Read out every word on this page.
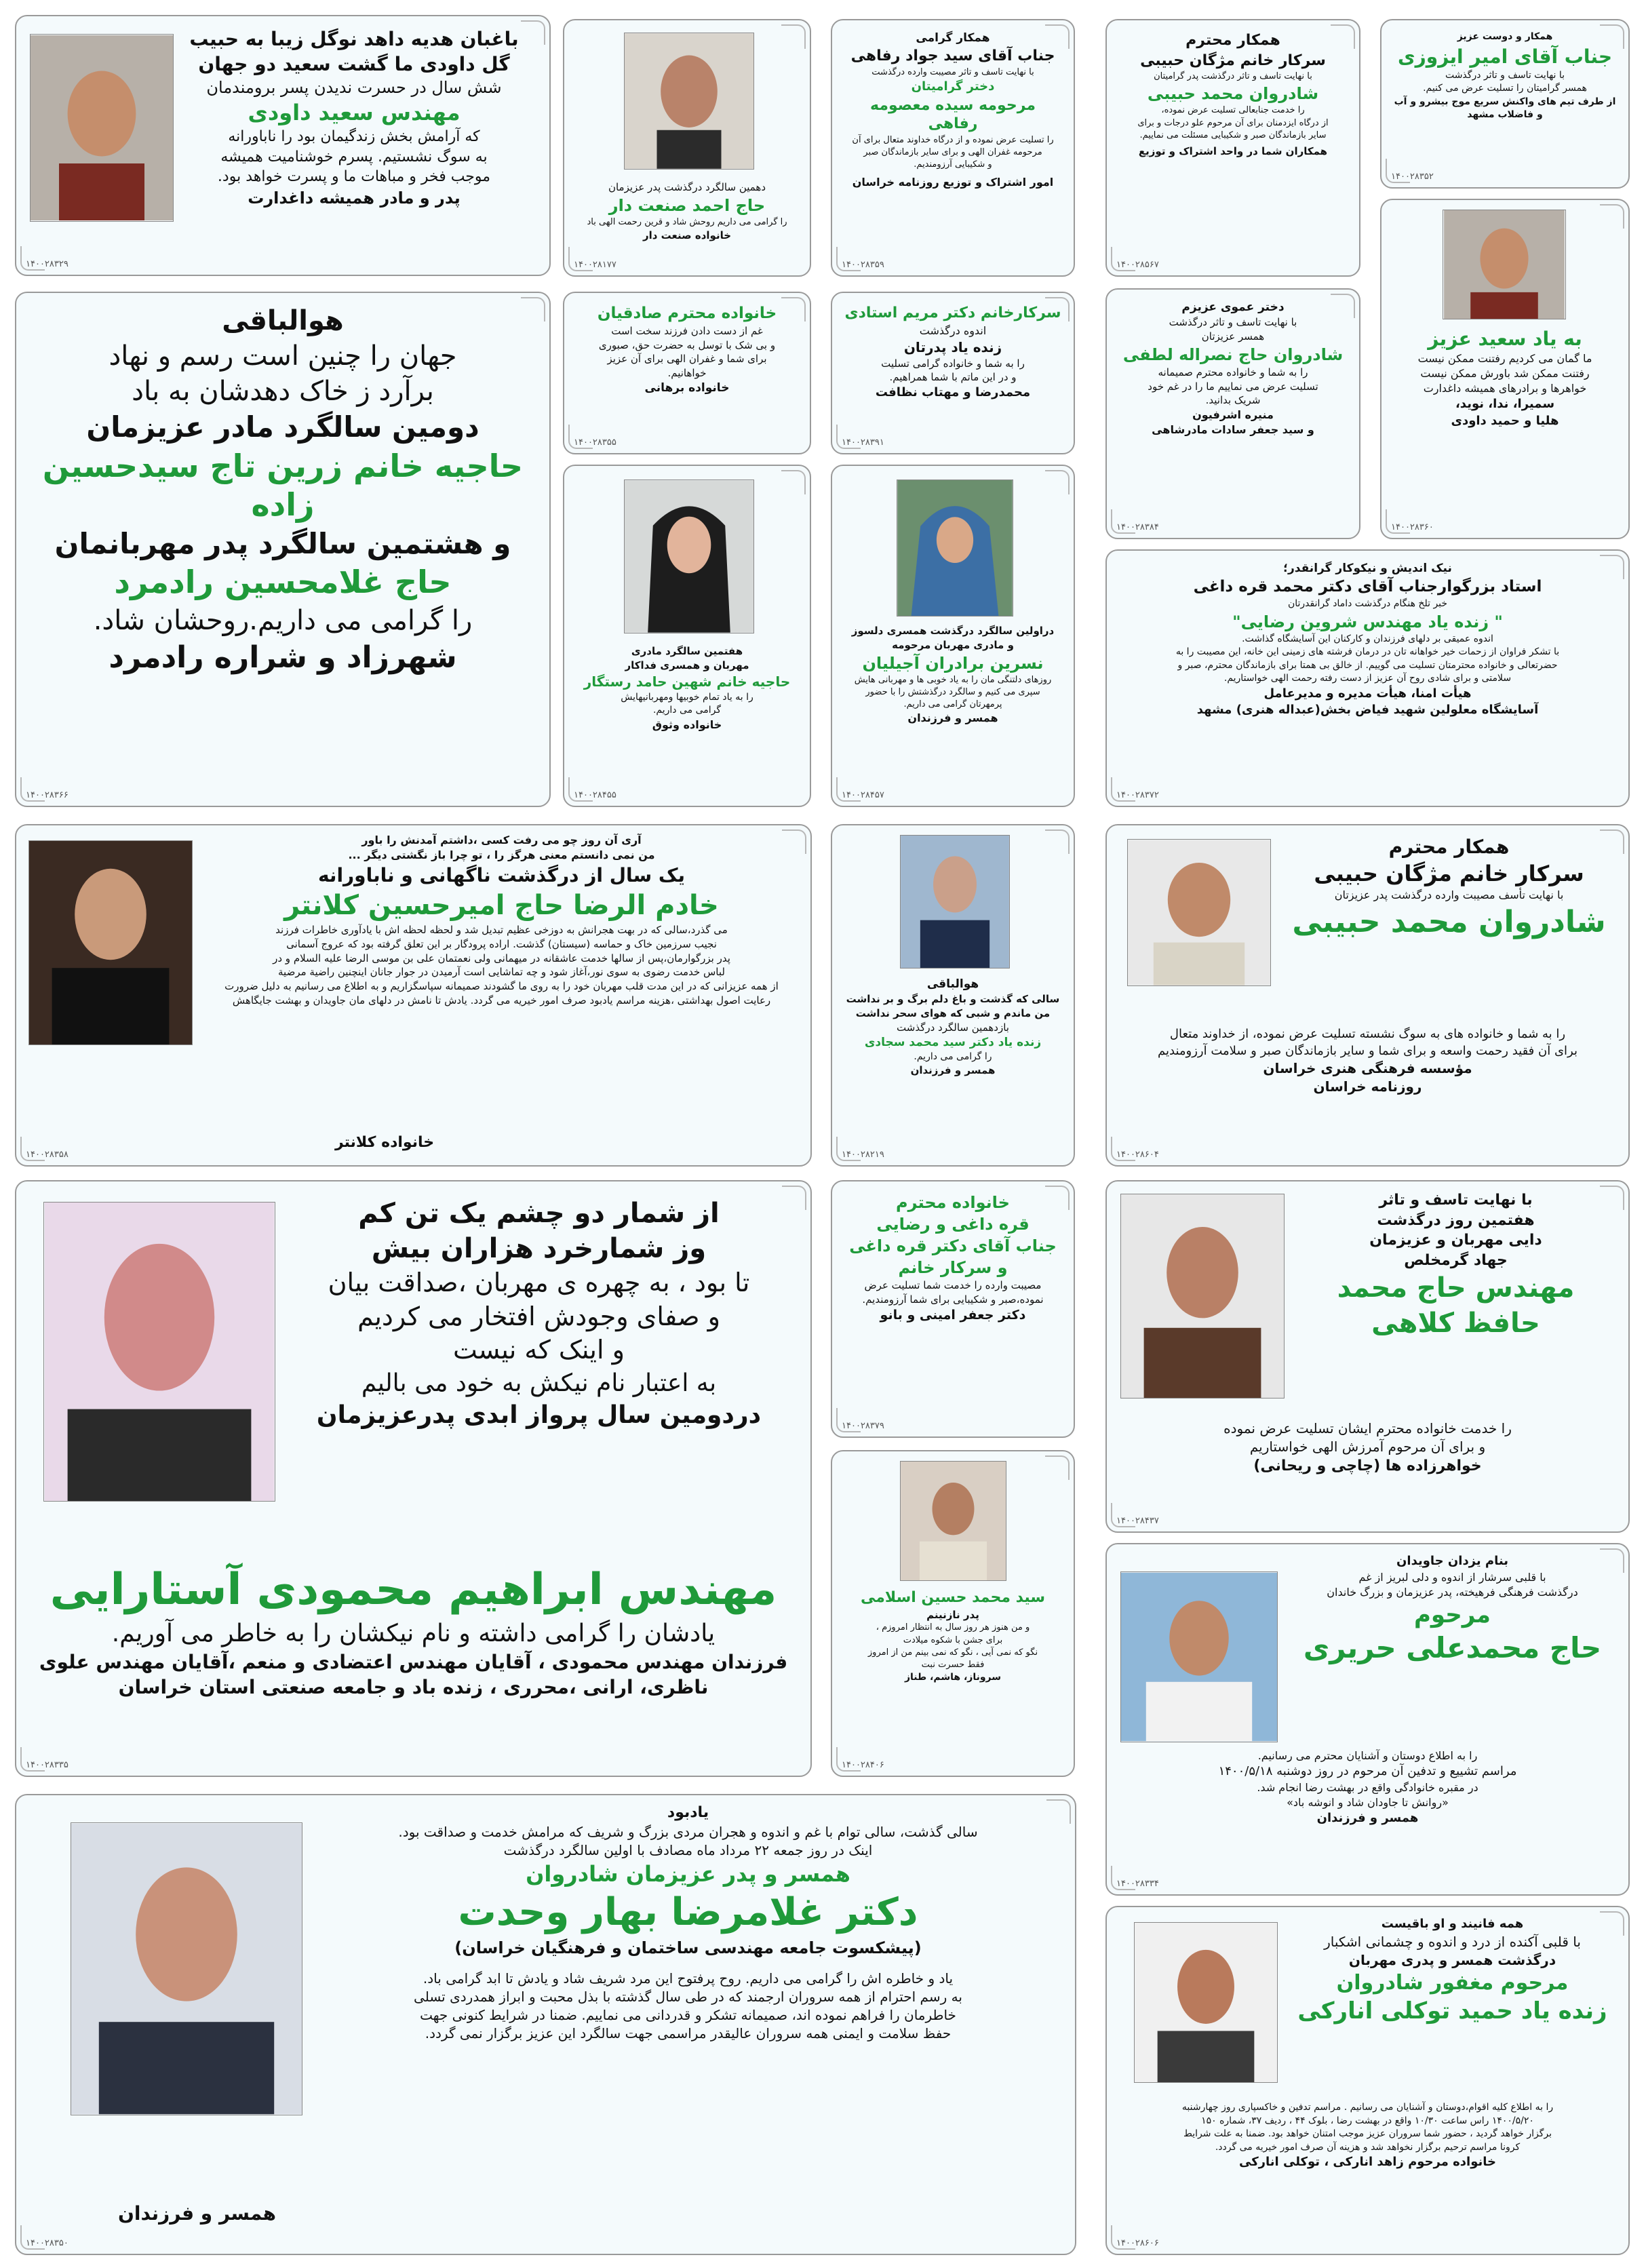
باغبان هدیه داهد نوگل زیبا به حبیب
گل داودی ما گشت سعید دو جهان
شش سال در حسرت ندیدن پسر برومندمان
مهندس سعید داودی
که آرامش بخش زندگیمان بود را ناباورانه
به سوگ نشستیم. پسرم خوشنامیت همیشه
موجب فخر و مباهات ما و پسرت خواهد بود.
پدر و مادر همیشه داغدارت
۱۴۰۰۲۸۳۲۹
دهمین سالگرد درگذشت پدر عزیزمان
حاج احمد صنعت دار
را گرامی می داریم روحش شاد و قرین رحمت الهی باد
خانواده صنعت دار
۱۴۰۰۲۸۱۷۷
همکار گرامی
جناب آقای سید جواد رفاهی
با نهایت تاسف و تاثر مصیبت وارده درگذشت
دختر گرامیتان
مرحومه سیده معصومه رفاهی
را تسلیت عرض نموده و از درگاه خداوند متعال برای آن
مرحومه غفران الهی و برای سایر بازماندگان صبر
و شکیبایی آرزومندیم.
امور اشتراک و توزیع روزنامه خراسان
۱۴۰۰۲۸۳۵۹
همکار محترم
سرکار خانم مژگان حبیبی
با نهایت تاسف و تاثر درگذشت پدر گرامیتان
شادروان محمد حبیبی
را خدمت جنابعالی تسلیت عرض نموده،
از درگاه ایزدمنان برای آن مرحوم علو درجات و برای
سایر بازماندگان صبر و شکیبایی مسئلت می نماییم.
همکاران شما در واحد اشتراک و توزیع
۱۴۰۰۲۸۵۶۷
همکار و دوست عزیز
جناب آقای امیر ایزوزی
با نهایت تاسف و تاثر درگذشت
همسر گرامیتان را تسلیت عرض می کنیم.
از طرف تیم های واکنش سریع موج بیشرو و آب
و فاضلاب مشهد
۱۴۰۰۲۸۳۵۲
هوالباقی
جهان را چنین است رسم و نهاد
برآرد ز خاک دهدشان به باد
دومین سالگرد مادر عزیزمان
حاجیه خانم زرین تاج سیدحسین زاده
و هشتمین سالگرد پدر مهربانمان
حاج غلامحسین رادمرد
را گرامی می داریم.روحشان شاد.
شهرزاد و شراره رادمرد
۱۴۰۰۲۸۳۶۶
خانواده محترم صادقیان
غم از دست دادن فرزند سخت است
و بی شک با توسل به حضرت حق، صبوری
برای شما و غفران الهی برای آن عزیز
خواهانیم.
خانواده برهانی
۱۴۰۰۲۸۳۵۵
سرکارخانم دکتر مریم استادی
اندوه درگذشت
زنده یاد پدرتان
را به شما و خانواده گرامی تسلیت
و در این ماتم با شما همراهیم.
محمدرضا و مهتاب نظافت
۱۴۰۰۲۸۳۹۱
دختر عموی عزیزم
با نهایت تاسف و تاثر درگذشت
همسر عزیزتان
شادروان حاج نصراله لطفی
را به شما و خانواده محترم صمیمانه
تسلیت عرض می نماییم ما را در غم خود
شریک بدانید.
منیره اشرفیون
و سید جعفر سادات مادرشاهی
۱۴۰۰۲۸۳۸۴
به یاد سعید عزیز
ما گمان می کردیم رفتنت ممکن نیست
رفتنت ممکن شد باورش ممکن نیست
خواهرها و برادرهای همیشه داغدارت
سمیرا، ندا، نوید،
هلیا و حمید داودی
۱۴۰۰۲۸۳۶۰
هفتمین سالگرد مادری
مهربان و همسری فداکار
حاجیه خانم شهین حامد رستگار
را به یاد تمام خوبیها ومهربانیهایش
گرامی می داریم.
خانواده وثوق
۱۴۰۰۲۸۴۵۵
دراولین سالگرد درگذشت همسری دلسوز
و مادری مهربان مرحومه
نسرین برادران آجیلیان
روزهای دلتنگی مان را به یاد خوبی ها و مهربانی هایش
سپری می کنیم و سالگرد درگذشتش را با حضور
پرمهرتان گرامی می داریم.
همسر و فرزندان
۱۴۰۰۲۸۴۵۷
نیک اندیش و نیکوکار گرانقدر؛
استاد بزرگوارجناب آقای دکتر محمد قره داغی
خبر تلخ هنگام درگذشت داماد گرانقدرتان
" زنده یاد مهندس شروین رضایی"
اندوه عمیقی بر دلهای فرزندان و کارکنان این آسایشگاه گذاشت.
با تشکر فراوان از زحمات خیر خواهانه تان در درمان فرشته های زمینی این خانه، این مصیبت را به
حضرتعالی و خانواده محترمتان تسلیت می گوییم. از خالق بی همتا برای بازماندگان محترم، صبر و
سلامتی و برای شادی روح آن عزیز از دست رفته رحمت الهی خواستاریم.
هیأت امنا، هیأت مدیره و مدیرعامل
آسایشگاه معلولین شهید فیاض بخش(عبداله هنری) مشهد
۱۴۰۰۲۸۳۷۲
آری آن روز چو می رفت کسی ،داشتم آمدنش را باور
من نمی دانستم معنی هرگز را ، تو چرا باز نگشتی دیگر ...
یک سال از درگذشت ناگهانی و ناباورانه
خادم الرضا حاج امیرحسین کلانتر
می گذرد،سالی که در بهت هجرانش به دوزخی عظیم تبدیل شد و لحظه لحظه اش با یادآوری خاطرات فرزند
نجیب سرزمین خاک و حماسه (سیستان) گذشت. اراده پرودگار بر این تعلق گرفته بود که عروج آسمانی
پدر بزرگوارمان،پس از سالها خدمت عاشقانه در میهمانی ولی نعمتمان علی بن موسی الرضا علیه السلام و در
لباس خدمت رضوی به سوی نور،آغاز شود و چه تماشایی است آرمیدن در جوار جانان اینچنین راضیة مرضیة
از همه عزیزانی که در این مدت قلب مهربان خود را به روی ما گشودند صمیمانه سپاسگزاریم و به اطلاع می رسانیم به دلیل ضرورت
رعایت اصول بهداشتی ،هزینه مراسم یادبود صرف امور خیریه می گردد. یادش تا نامش در دلهای مان جاویدان و بهشت جایگاهش
خانواده کلانتر
۱۴۰۰۲۸۳۵۸
هوالباقی
سالی که گذشت و باغ دلم برگ و بر نداشت
من ماندم و شبی که هوای سحر نداشت
بازدهمین سالگرد درگذشت
زنده یاد دکتر سید محمد سجادی
را گرامی می داریم.
همسر و فرزندان
۱۴۰۰۲۸۲۱۹
همکار محترم
سرکار خانم مژگان حبیبی
با نهایت تأسف مصیبت وارده درگذشت پدر عزیزتان
شادروان محمد حبیبی
را به شما و خانواده های به سوگ نشسته تسلیت عرض نموده، از خداوند متعال
برای آن فقید رحمت واسعه و برای شما و سایر بازماندگان صبر و سلامت آرزومندیم
مؤسسه فرهنگی هنری خراسان
روزنامه خراسان
۱۴۰۰۲۸۶۰۴
از شمار دو چشم یک تن کم
وز شمارخرد هزاران بیش
تا بود ، به چهره ی مهربان ،صداقت بیان
و صفای وجودش افتخار می کردیم
و اینک که نیست
به اعتبار نام نیکش به خود می بالیم
دردومین سال پرواز ابدی پدرعزیزمان
مهندس ابراهیم محمودی آستارایی
یادشان را گرامی داشته و نام نیکشان را به خاطر می آوریم.
فرزندان مهندس محمودی ، آقایان مهندس اعتضادی و منعم ،آقایان مهندس علوی
ناظری، ارانی ،محرری ، زنده باد و جامعه صنعتی استان خراسان
۱۴۰۰۲۸۳۳۵
خانواده محترم
قره داغی و رضایی
جناب آقای دکتر قره داغی
و سرکار خانم
مصیبت وارده را خدمت شما تسلیت عرض
نموده،صبر و شکیبایی برای شما آرزومندیم.
دکتر جعفر امینی و بانو
۱۴۰۰۲۸۳۷۹
سید محمد حسین اسلامی
پدر نازنینم
و من هنوز هر روز سال به انتظار امروزم ،
برای جشن با شکوه میلادت
نگو که نمی آیی ، نگو که نمی بینم من از امروز
فقط حسرت نبت
سروناز، هاشم، طناز
۱۴۰۰۲۸۴۰۶
با نهایت تاسف و تاثر
هفتمین روز درگذشت
دایی مهربان و عزیزمان
جهاد گرمخلص
مهندس حاج محمد
حافظ کلاهی
را خدمت خانواده محترم ایشان تسلیت عرض نموده
و برای آن مرحوم آمرزش الهی خواستاریم
خواهرزاده ها (چاچی و ریحانی)
۱۴۰۰۲۸۴۳۷
بنام یزدان جاویدان
با قلبی سرشار از اندوه و دلی لبریز از غم
درگذشت فرهنگی فرهیخته، پدر عزیزمان و بزرگ خاندان
مرحوم
حاج محمدعلی حریری
را به اطلاع دوستان و آشنایان محترم می رسانیم.
مراسم تشییع و تدفین آن مرحوم در روز دوشنبه ۱۴۰۰/۵/۱۸
در مقبره خانوادگی واقع در بهشت رضا انجام شد.
«روانش تا جاودان شاد و انوشه باد»
همسر و فرزندان
۱۴۰۰۲۸۳۳۴
یادبود
سالی گذشت، سالی توام با غم و اندوه و هجران مردی بزرگ و شریف که مرامش خدمت و صداقت بود.
اینک در روز جمعه ۲۲ مرداد ماه مصادف با اولین سالگرد درگذشت
همسر و پدر عزیزمان شادروان
دکتر غلامرضا بهار وحدت
(پیشکسوت جامعه مهندسی ساختمان و فرهنگیان خراسان)
یاد و خاطره اش را گرامی می داریم. روح پرفتوح این مرد شریف شاد و یادش تا ابد گرامی باد.
به رسم احترام از همه سروران ارجمند که در طی سال گذشته با بذل محبت و ابراز همدردی تسلی
خاطرمان را فراهم نموده اند، صمیمانه تشکر و قدردانی می نماییم. ضمنا در شرایط کنونی جهت
حفظ سلامت و ایمنی همه سروران عالیقدر مراسمی جهت سالگرد این عزیز برگزار نمی گردد.
همسر و فرزندان
۱۴۰۰۲۸۳۵۰
همه فانیند و او باقیست
با قلبی آکنده از درد و اندوه و چشمانی اشکبار
درگذشت همسر و پدری مهربان
مرحوم مغفور شادروان
زنده یاد حمید توکلی انارکی
را به اطلاع کلیه اقوام،دوستان و آشنایان می رسانیم . مراسم تدفین و خاکسپاری روز چهارشنبه
۱۴۰۰/۵/۲۰ راس ساعت ۱۰/۳۰ واقع در بهشت رضا ، بلوک ۴۴ ، ردیف ۳۷، شماره ۱۵۰
برگزار خواهد گردید ، حضور شما سروران عزیز موجب امتنان خواهد بود. ضمنا به علت شرایط
کرونا مراسم ترحیم برگزار نخواهد شد و هزینه آن صرف امور خیریه می گردد.
خانواده مرحوم زاهد انارکی ، توکلی انارکی
۱۴۰۰۲۸۶۰۶
